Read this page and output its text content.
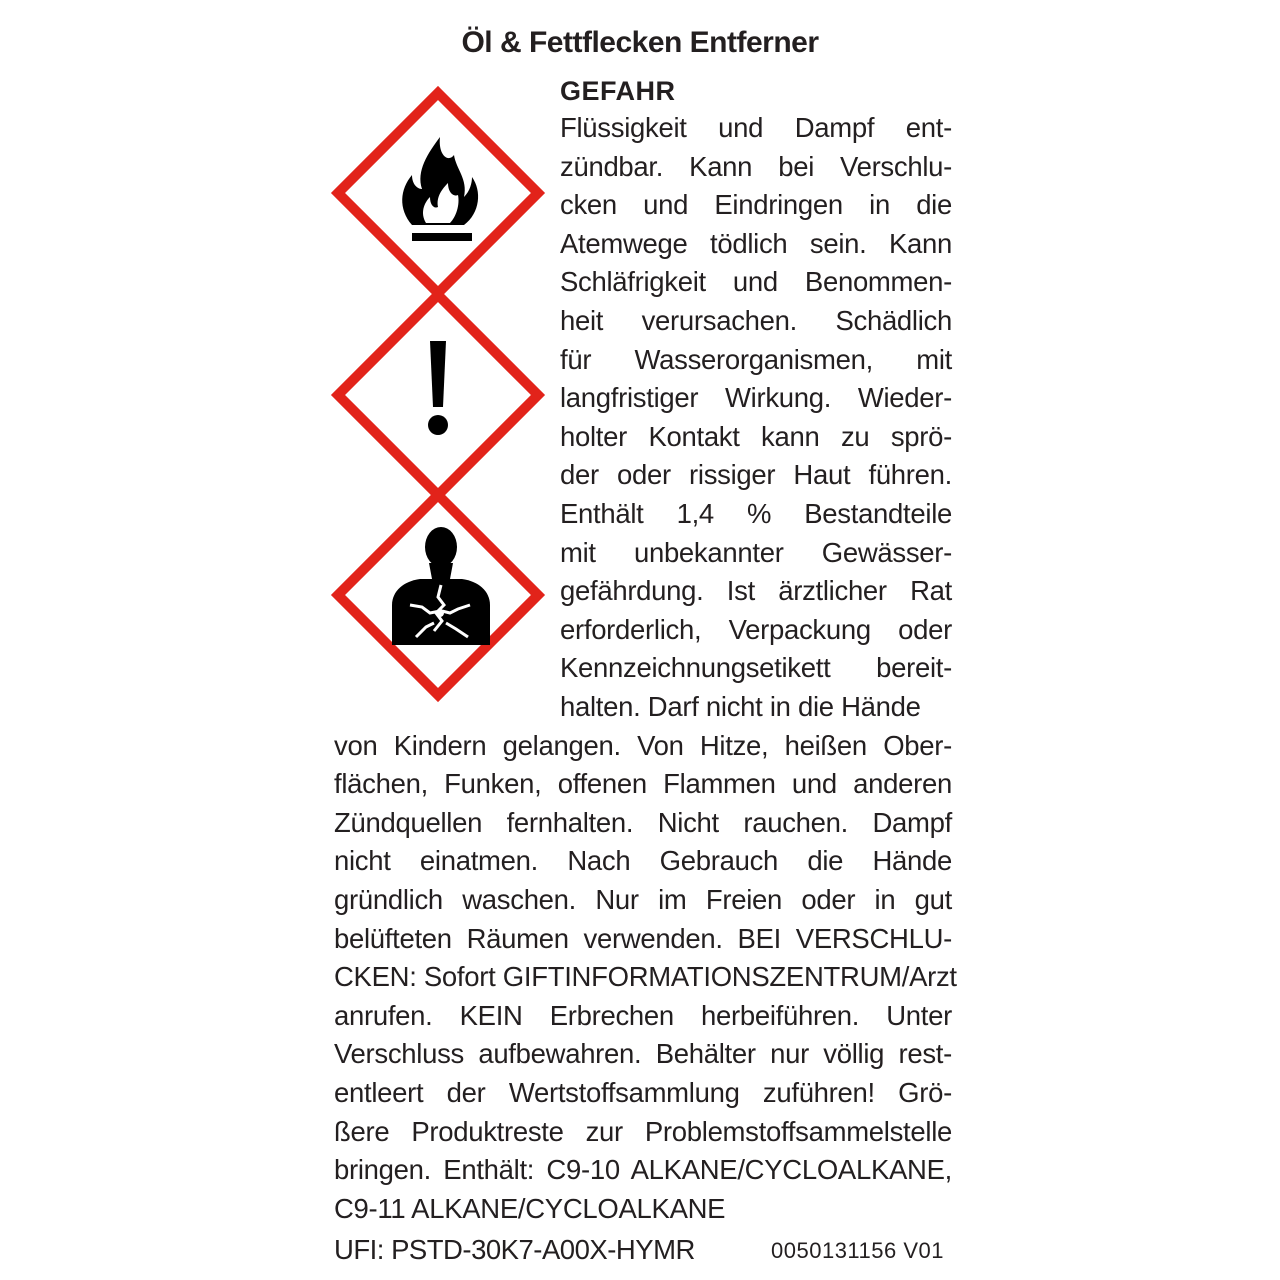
Öl & Fettflecken Entferner
GEFAHR
Flüssigkeit und Dampf ent-
zündbar. Kann bei Verschlu-
cken und Eindringen in die
Atemwege tödlich sein. Kann
Schläfrigkeit und Benommen-
heit verursachen. Schädlich
für Wasserorganismen, mit
langfristiger Wirkung. Wieder-
holter Kontakt kann zu sprö-
der oder rissiger Haut führen.
Enthält 1,4 % Bestandteile
mit unbekannter Gewässer-
gefährdung. Ist ärztlicher Rat
erforderlich, Verpackung oder
Kennzeichnungsetikett bereit-
halten. Darf nicht in die Hände
von Kindern gelangen. Von Hitze, heißen Ober-
flächen, Funken, offenen Flammen und anderen
Zündquellen fernhalten. Nicht rauchen. Dampf
nicht einatmen. Nach Gebrauch die Hände
gründlich waschen. Nur im Freien oder in gut
belüfteten Räumen verwenden. BEI VERSCHLU-
CKEN: Sofort GIFTINFORMATIONSZENTRUM/Arzt
anrufen. KEIN Erbrechen herbeiführen. Unter
Verschluss aufbewahren. Behälter nur völlig rest-
entleert der Wertstoffsammlung zuführen! Grö-
ßere Produktreste zur Problemstoffsammelstelle
bringen. Enthält: C9-10 ALKANE/CYCLOALKANE,
C9-11 ALKANE/CYCLOALKANE
UFI: PSTD-30K7-A00X-HYMR	0050131156 V01
